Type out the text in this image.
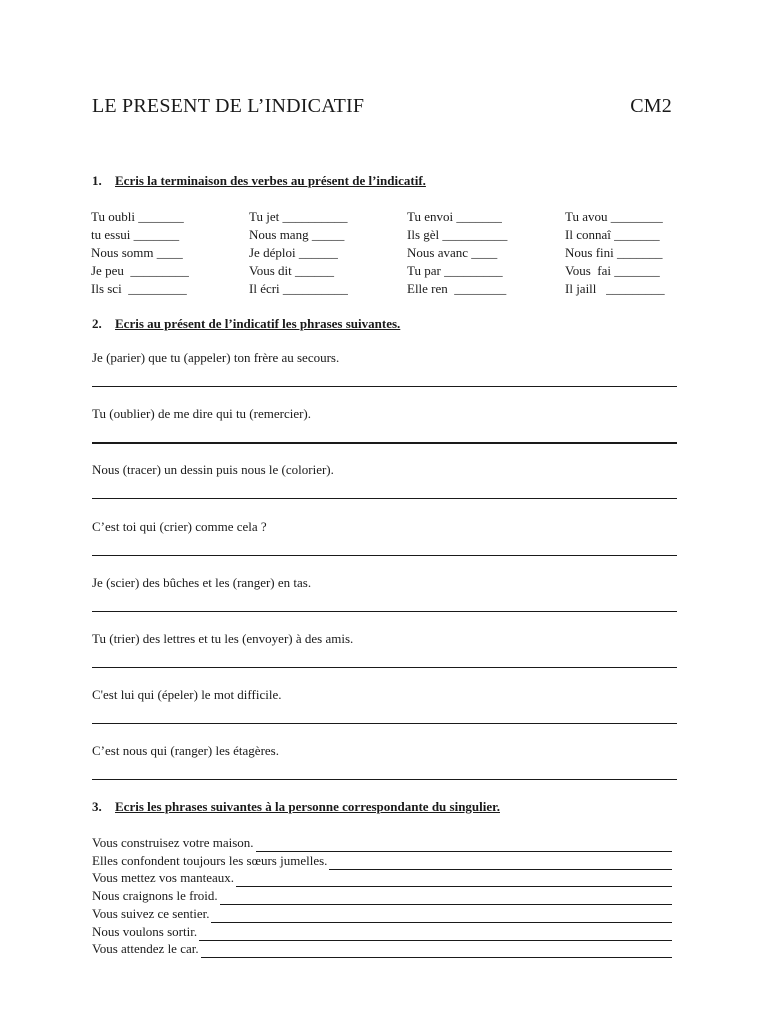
LE PRESENT DE L’INDICATIF	CM2
1. Ecris la terminaison des verbes au présent de l’indicatif.
Tu oubli _______	Tu jet __________	Tu envoi _______	Tu avou ________
tu essui _______	Nous mang _____	Ils gèl __________	Il connaî _______
Nous somm ____	Je déploi ______	Nous avanc ____	Nous fini _______
Je peu  _________	Vous dit ______	Tu par _________	Vous  fai _______
Ils sci  _________	Il écri __________	Elle ren  ________	Il jaill   _________
2. Ecris au présent de l’indicatif les phrases suivantes.
Je (parier) que tu (appeler) ton frère au secours.
Tu (oublier) de me dire qui tu (remercier).
Nous (tracer) un dessin puis nous le (colorier).
C’est toi qui (crier) comme cela ?
Je (scier) des bûches et les (ranger) en tas.
Tu (trier) des lettres et tu les (envoyer) à des amis.
C'est lui qui (épeler) le mot difficile.
C’est nous qui (ranger) les étagères.
3. Ecris les phrases suivantes à la personne correspondante du singulier.
Vous construisez votre maison.
Elles confondent toujours les sœurs jumelles.
Vous mettez vos manteaux.
Nous craignons le froid.
Vous suivez ce sentier.
Nous voulons sortir.
Vous attendez le car.
